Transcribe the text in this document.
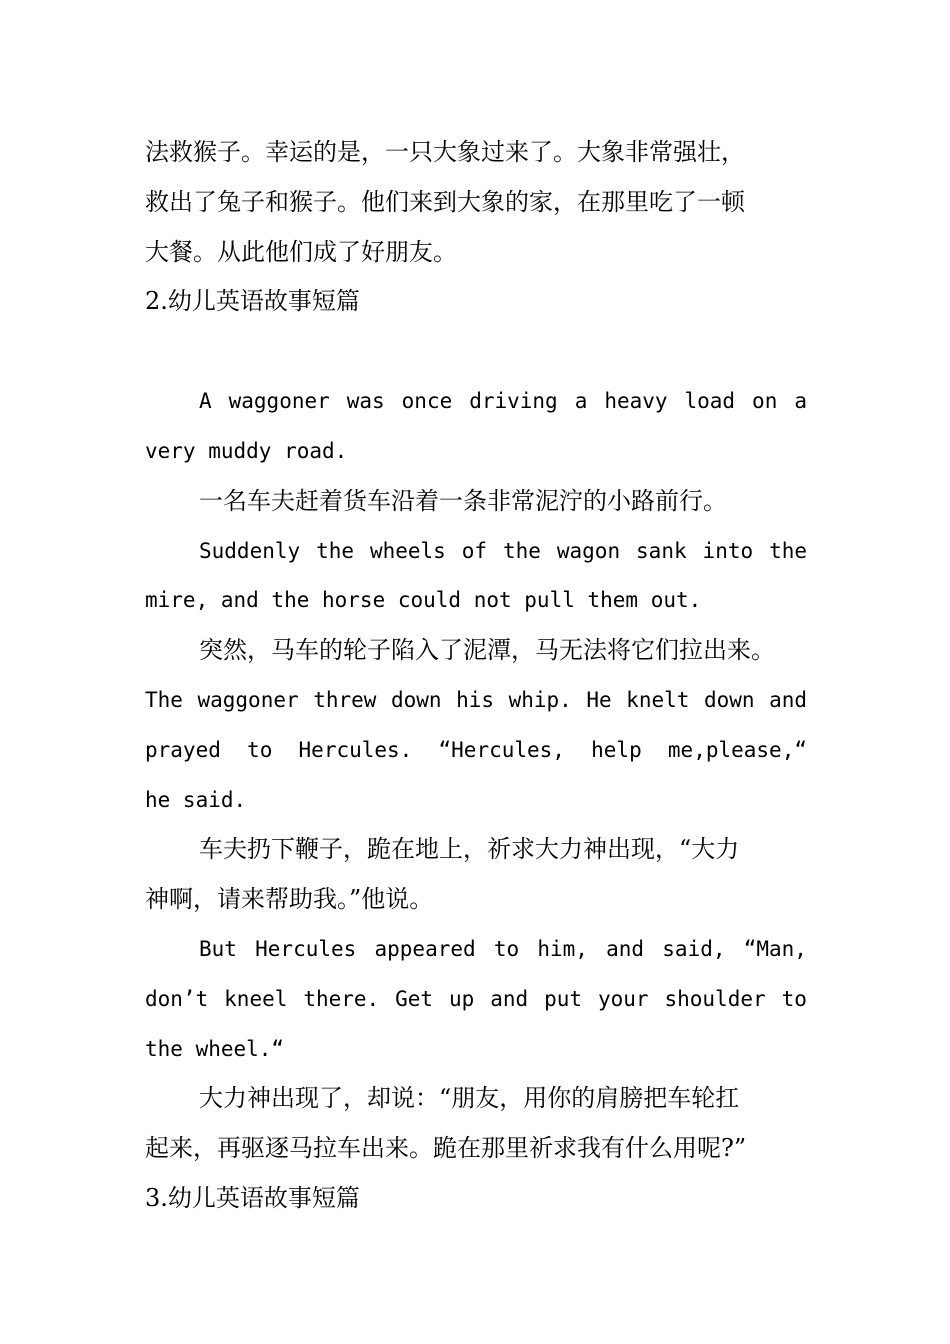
法救猴子。幸运的是，一只大象过来了。大象非常强壮，
救出了兔子和猴子。他们来到大象的家，在那里吃了一顿
大餐。从此他们成了好朋友。
2.幼儿英语故事短篇
A waggoner was once driving a heavy load on a
very muddy road.
一名车夫赶着货车沿着一条非常泥泞的小路前行。
Suddenly the wheels of the wagon sank into the
mire, and the horse could not pull them out.
突然，马车的轮子陷入了泥潭，马无法将它们拉出来。
The waggoner threw down his whip. He knelt down and
prayed to Hercules. “Hercules, help me,please,“
he said.
车夫扔下鞭子，跪在地上，祈求大力神出现，“大力
神啊，请来帮助我。”他说。
But Hercules appeared to him, and said, “Man,
don’t kneel there. Get up and put your shoulder to
the wheel.“
大力神出现了，却说：“朋友，用你的肩膀把车轮扛
起来，再驱逐马拉车出来。跪在那里祈求我有什么用呢?”
3.幼儿英语故事短篇
